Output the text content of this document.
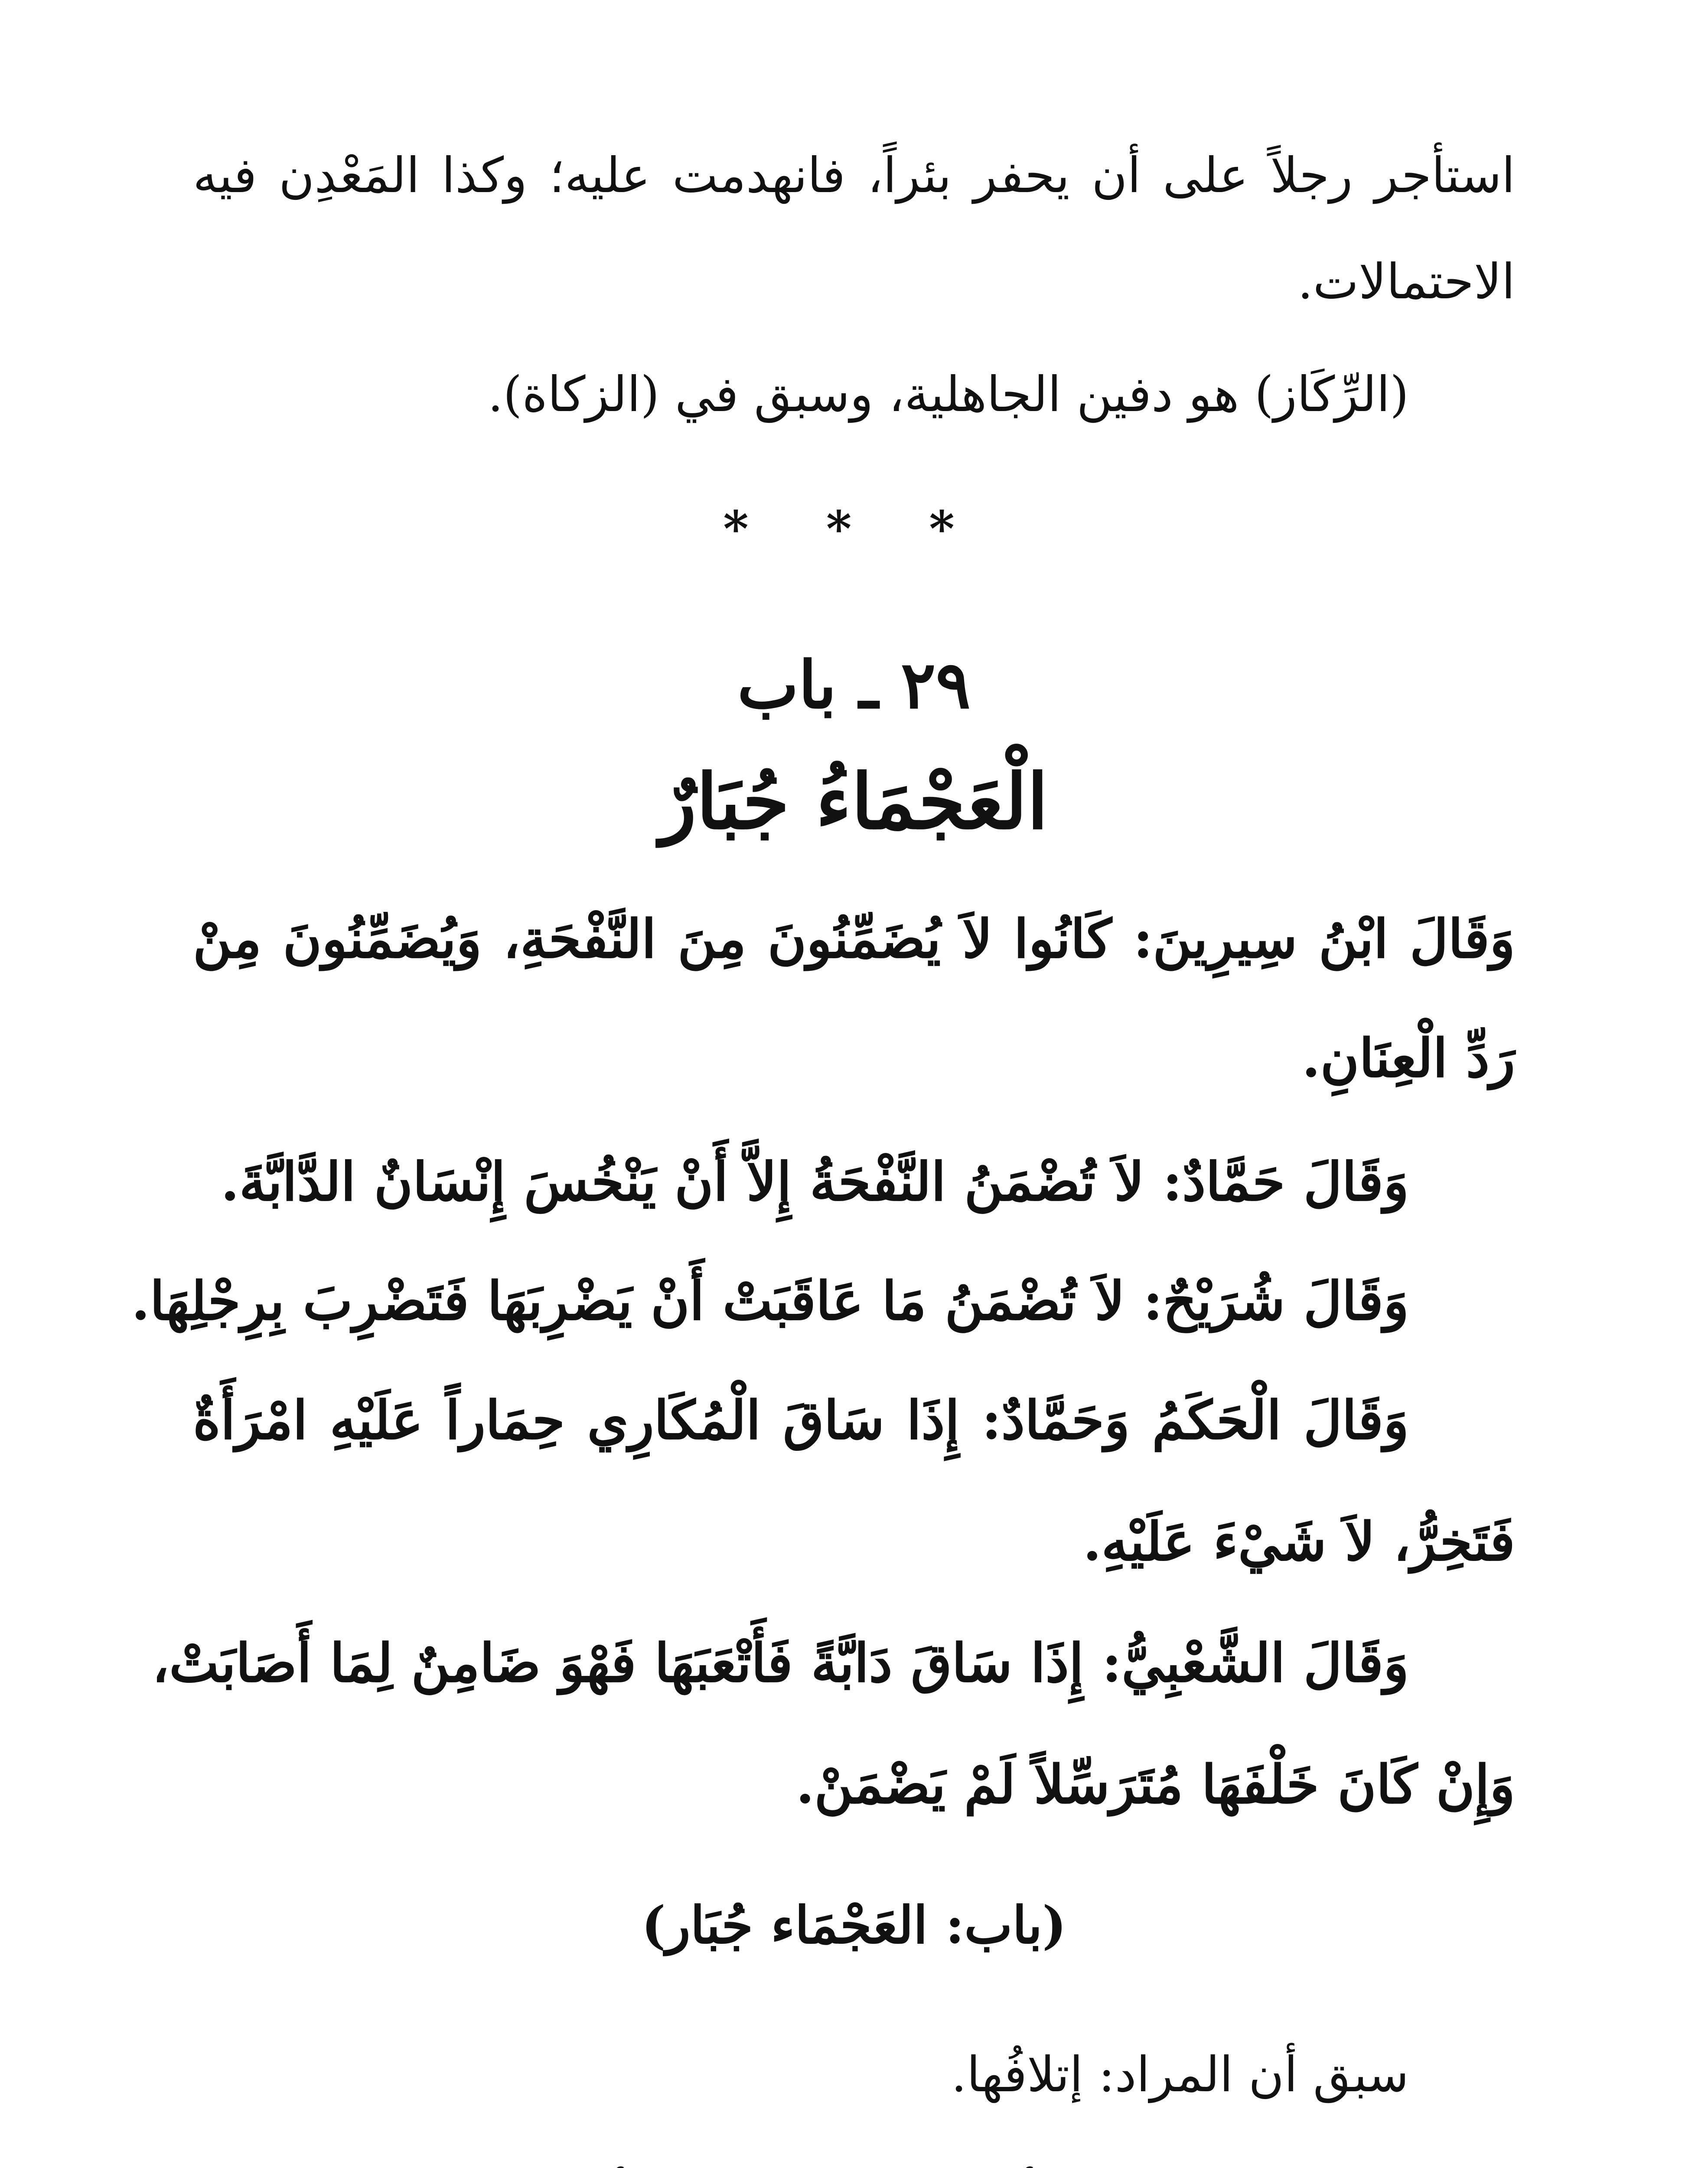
استأجر رجلاً على أن يحفر بئراً، فانهدمت عليه؛ وكذا المَعْدِن فيه

الاحتمالات.

(الرِّكَاز) هو دفين الجاهلية، وسبق في (الزكاة).

* * *
٢٩ ـ باب
الْعَجْمَاءُ جُبَارٌ

وَقَالَ ابْنُ سِيرِينَ: كَانُوا لاَ يُضَمِّنُونَ مِنَ النَّفْحَةِ، وَيُضَمِّنُونَ مِنْ

رَدِّ الْعِنَانِ.

وَقَالَ حَمَّادٌ: لاَ تُضْمَنُ النَّفْحَةُ إِلاَّ أَنْ يَنْخُسَ إِنْسَانٌ الدَّابَّةَ.

وَقَالَ شُرَيْحٌ: لاَ تُضْمَنُ مَا عَاقَبَتْ أَنْ يَضْرِبَهَا فَتَضْرِبَ بِرِجْلِهَا.

وَقَالَ الْحَكَمُ وَحَمَّادٌ: إِذَا سَاقَ الْمُكَارِي حِمَاراً عَلَيْهِ امْرَأَةٌ

فَتَخِرُّ، لاَ شَيْءَ عَلَيْهِ.

وَقَالَ الشَّعْبِيُّ: إِذَا سَاقَ دَابَّةً فَأَتْعَبَهَا فَهْوَ ضَامِنٌ لِمَا أَصَابَتْ،

وَإِنْ كَانَ خَلْفَهَا مُتَرَسِّلاً لَمْ يَضْمَنْ.

(باب: العَجْمَاء جُبَار)

سبق أن المراد: إتلافُها.
